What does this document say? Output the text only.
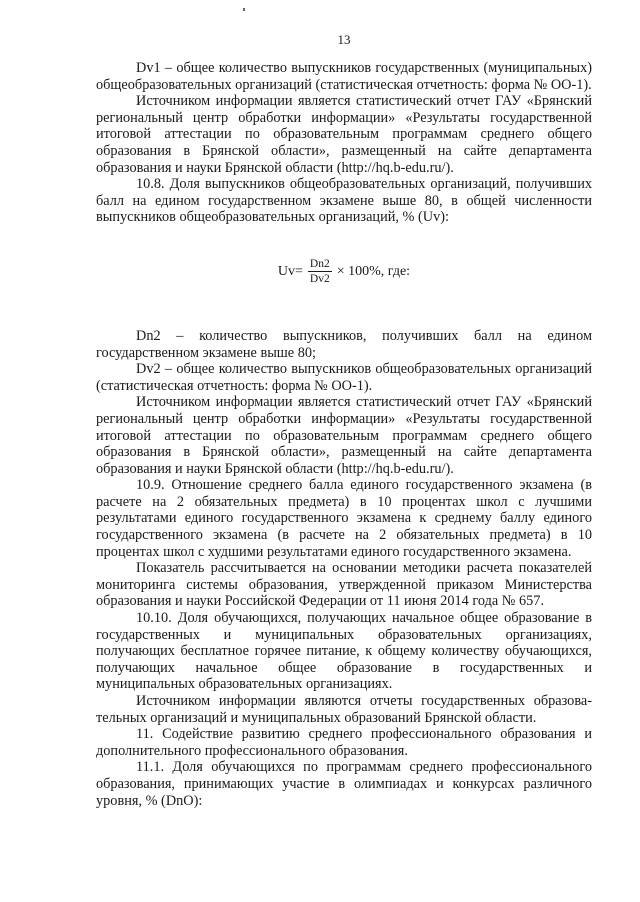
13

Dv1 – общее количество выпускников государственных (муниципальных) общеобразовательных организаций (статистическая отчетность: форма № ОО-1).

Источником информации является статистический отчет ГАУ «Брянский региональный центр обработки информации» «Результаты государственной итоговой аттестации по образовательным программам среднего общего образования в Брянской области», размещенный на сайте департамента образования и науки Брянской области (http://hq.b-edu.ru/).

10.8. Доля выпускников общеобразовательных организаций, получивших балл на едином государственном экзамене выше 80, в общей численности выпускников общеобразовательных организаций, % (Uv):

$Uv= \frac{Dn2}{Dv2} \times 100\%$, где:

Dn2 – количество выпускников, получивших балл на едином государственном экзамене выше 80;

Dv2 – общее количество выпускников общеобразовательных организаций (статистическая отчетность: форма № ОО-1).

Источником информации является статистический отчет ГАУ «Брянский региональный центр обработки информации» «Результаты государственной итоговой аттестации по образовательным программам среднего общего образования в Брянской области», размещенный на сайте департамента образования и науки Брянской области (http://hq.b-edu.ru/).

10.9. Отношение среднего балла единого государственного экзамена (в расчете на 2 обязательных предмета) в 10 процентах школ с лучшими результатами единого государственного экзамена к среднему баллу единого государственного экзамена (в расчете на 2 обязательных предмета) в 10 процентах школ с худшими результатами единого государственного экзамена.

Показатель рассчитывается на основании методики расчета показателей мониторинга системы образования, утвержденной приказом Министерства образования и науки Российской Федерации от 11 июня 2014 года № 657.

10.10. Доля обучающихся, получающих начальное общее образование в государственных и муниципальных образовательных организациях, получающих бесплатное горячее питание, к общему количеству обучающихся, получающих начальное общее образование в государственных и муниципальных образовательных организациях.

Источником информации являются отчеты государственных образовательных организаций и муниципальных образований Брянской области.

11. Содействие развитию среднего профессионального образования и дополнительного профессионального образования.

11.1. Доля обучающихся по программам среднего профессионального образования, принимающих участие в олимпиадах и конкурсах различного уровня, % (DnO):
